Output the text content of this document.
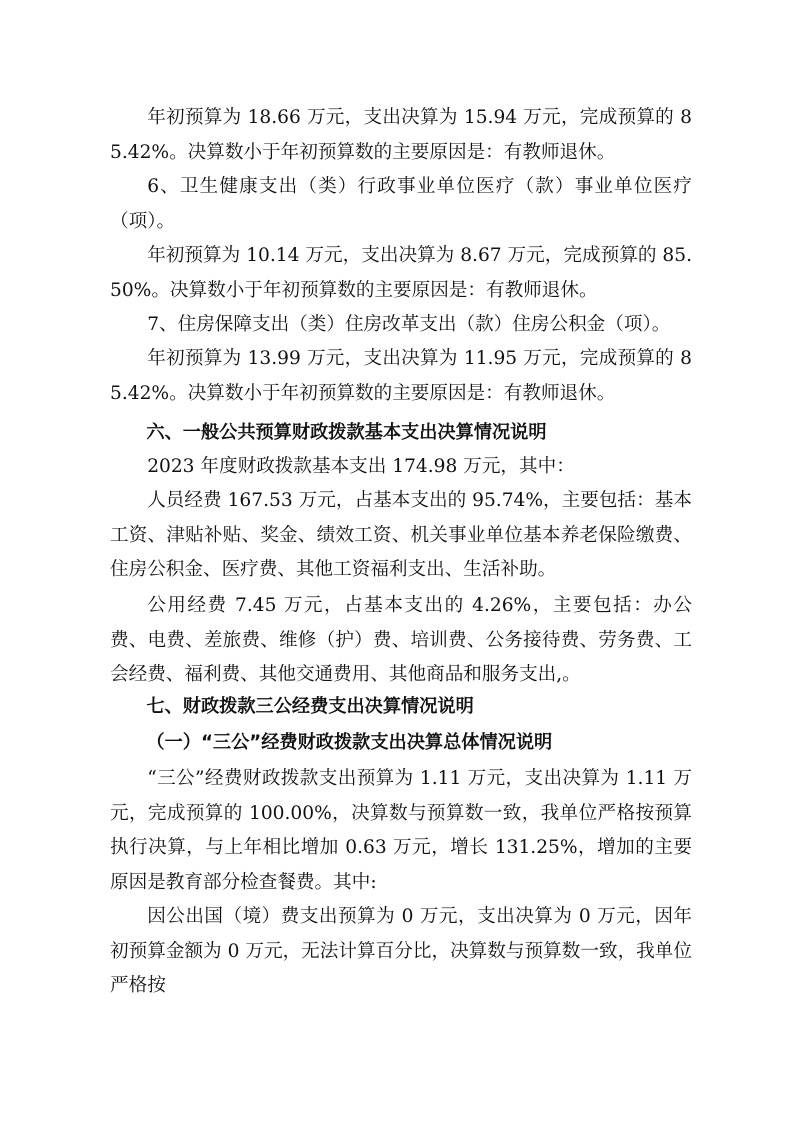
年初预算为 18.66 万元，支出决算为 15.94 万元，完成预算的 85.42%。决算数小于年初预算数的主要原因是：有教师退休。

6、卫生健康支出（类）行政事业单位医疗（款）事业单位医疗（项）。

年初预算为 10.14 万元，支出决算为 8.67 万元，完成预算的 85.50%。决算数小于年初预算数的主要原因是：有教师退休。

7、住房保障支出（类）住房改革支出（款）住房公积金（项）。

年初预算为 13.99 万元，支出决算为 11.95 万元，完成预算的 85.42%。决算数小于年初预算数的主要原因是：有教师退休。

六、一般公共预算财政拨款基本支出决算情况说明

2023 年度财政拨款基本支出 174.98 万元，其中：

人员经费 167.53 万元，占基本支出的 95.74%，主要包括：基本工资、津贴补贴、奖金、绩效工资、机关事业单位基本养老保险缴费、住房公积金、医疗费、其他工资福利支出、生活补助。

公用经费 7.45 万元，占基本支出的 4.26%，主要包括：办公费、电费、差旅费、维修（护）费、培训费、公务接待费、劳务费、工会经费、福利费、其他交通费用、其他商品和服务支出,。

七、财政拨款三公经费支出决算情况说明

（一）“三公”经费财政拨款支出决算总体情况说明

“三公”经费财政拨款支出预算为 1.11 万元，支出决算为 1.11 万元，完成预算的 100.00%，决算数与预算数一致，我单位严格按预算执行决算，与上年相比增加 0.63 万元，增长 131.25%，增加的主要原因是教育部分检查餐费。其中:

因公出国（境）费支出预算为 0 万元，支出决算为 0 万元，因年初预算金额为 0 万元，无法计算百分比，决算数与预算数一致，我单位严格按
